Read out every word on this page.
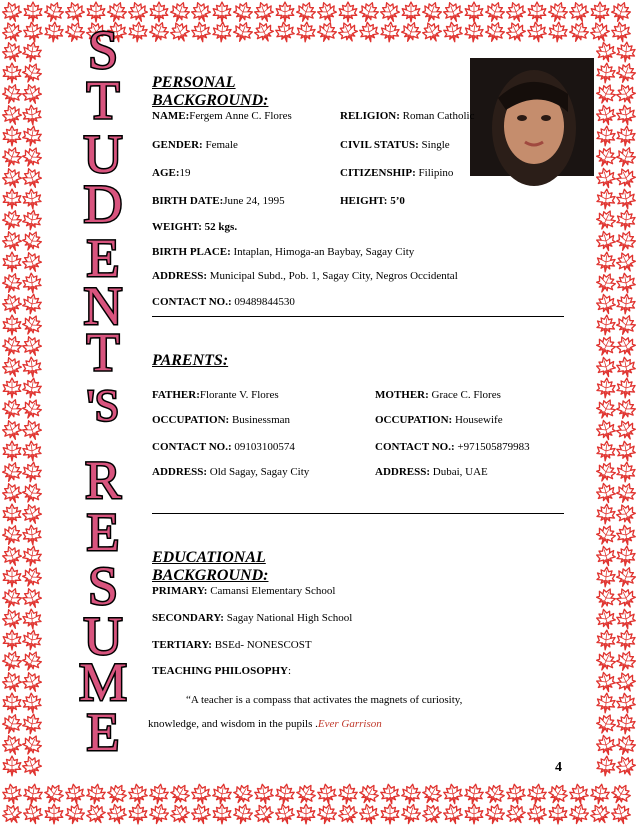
S
T
U
D
E
N
T
'S
R
E
S
U
M
E
PERSONAL BACKGROUND:
NAME:Fergem Anne C. Flores	RELIGION: Roman Catholic
GENDER: Female	CIVIL STATUS: Single
AGE:19	CITIZENSHIP: Filipino
BIRTH DATE:June 24, 1995	HEIGHT: 5’0
WEIGHT: 52 kgs.
BIRTH PLACE: Intaplan, Himoga-an Baybay, Sagay City
ADDRESS: Municipal Subd., Pob. 1, Sagay City, Negros Occidental
CONTACT NO.: 09489844530
PARENTS:
FATHER:Florante V. Flores	MOTHER: Grace C. Flores
OCCUPATION: Businessman	OCCUPATION: Housewife
CONTACT NO.: 09103100574	CONTACT NO.: +971505879983
ADDRESS: Old Sagay, Sagay City	ADDRESS: Dubai, UAE
EDUCATIONAL BACKGROUND:
PRIMARY: Camansi Elementary School
SECONDARY: Sagay National High School
TERTIARY: BSEd- NONESCOST
TEACHING PHILOSOPHY:
“A teacher is a compass that activates the magnets of curiosity,
knowledge, and wisdom in the pupils .Ever Garrison
4
